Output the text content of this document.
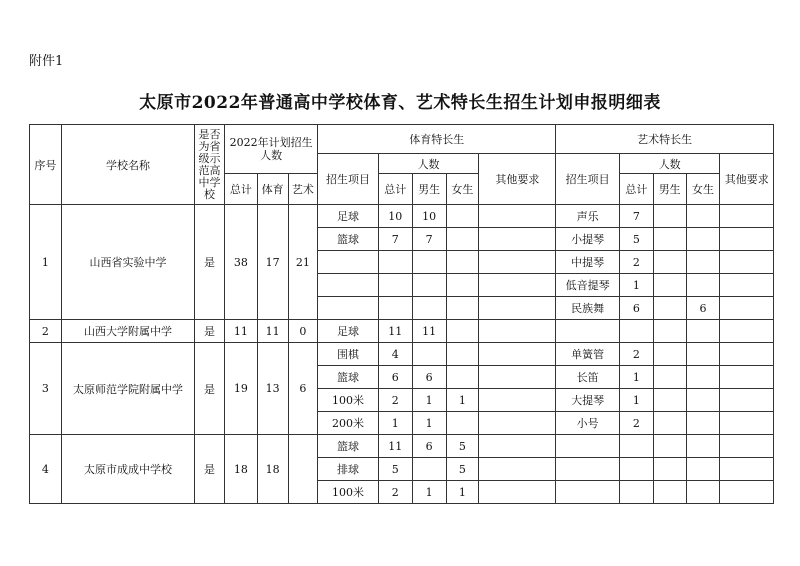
附件1
太原市2022年普通高中学校体育、艺术特长生招生计划申报明细表
序号	学校名称	是否为省级示范高中学校	2022年计划招生人数			体育特长生					艺术特长生				
						招生项目	人数			其他要求	招生项目	人数			其他要求
			总计	体育	艺术		总计	男生	女生			总计	男生	女生	
1	山西省实验中学	是	38	17	21	足球	10	10			声乐	7			
						篮球	7	7			小提琴	5			
											中提琴	2			
											低音提琴	1			
											民族舞	6		6	
2	山西大学附属中学	是	11	11	0	足球	11	11							
3	太原师范学院附属中学	是	19	13	6	围棋	4				单簧管	2			
						篮球	6	6			长笛	1			
						100米	2	1	1		大提琴	1			
						200米	1	1			小号	2			
4	太原市成成中学校	是	18	18		篮球	11	6	5						
						排球	5		5						
						100米	2	1	1						
